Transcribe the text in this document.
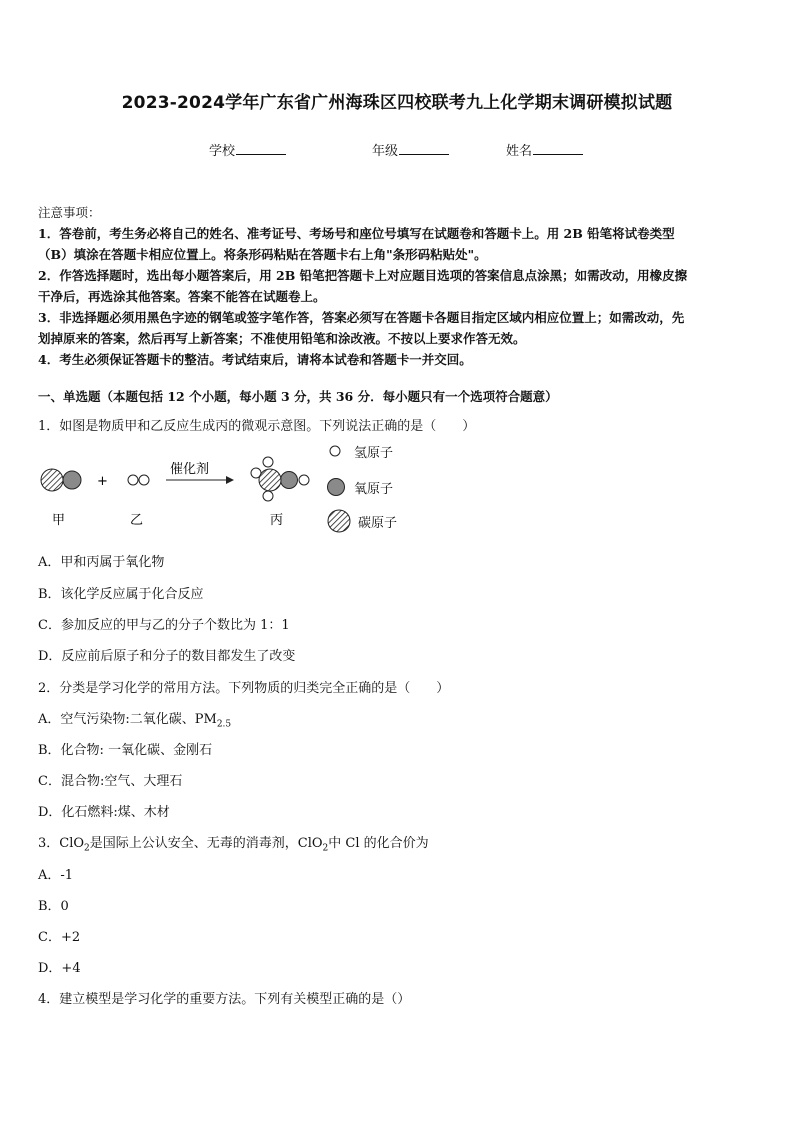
2023-2024学年广东省广州海珠区四校联考九上化学期末调研模拟试题
学校	年级	姓名
注意事项：
1．答卷前，考生务必将自己的姓名、准考证号、考场号和座位号填写在试题卷和答题卡上。用 2B 铅笔将试卷类型
（B）填涂在答题卡相应位置上。将条形码粘贴在答题卡右上角"条形码粘贴处"。
2．作答选择题时，选出每小题答案后，用 2B 铅笔把答题卡上对应题目选项的答案信息点涂黑；如需改动，用橡皮擦
干净后，再选涂其他答案。答案不能答在试题卷上。
3．非选择题必须用黑色字迹的钢笔或签字笔作答，答案必须写在答题卡各题目指定区域内相应位置上；如需改动，先
划掉原来的答案，然后再写上新答案；不准使用铅笔和涂改液。不按以上要求作答无效。
4．考生必须保证答题卡的整洁。考试结束后，请将本试卷和答题卡一并交回。
一、单选题（本题包括 12 个小题，每小题 3 分，共 36 分．每小题只有一个选项符合题意）
1．如图是物质甲和乙反应生成丙的微观示意图。下列说法正确的是（　　）
+
催化剂
甲	乙	丙
氢原子
氧原子
碳原子
A．甲和丙属于氧化物
B．该化学反应属于化合反应
C．参加反应的甲与乙的分子个数比为 1：1
D．反应前后原子和分子的数目都发生了改变
2．分类是学习化学的常用方法。下列物质的归类完全正确的是（　　）
A．空气污染物:二氧化碳、$PM_{2.5}$
B．化合物: 一氧化碳、金刚石
C．混合物:空气、大理石
D．化石燃料:煤、木材
3．ClO$_2$是国际上公认安全、无毒的消毒剂，ClO$_2$中 Cl 的化合价为
A．-1
B．0
C．+2
D．+4
4．建立模型是学习化学的重要方法。下列有关模型正确的是（）
